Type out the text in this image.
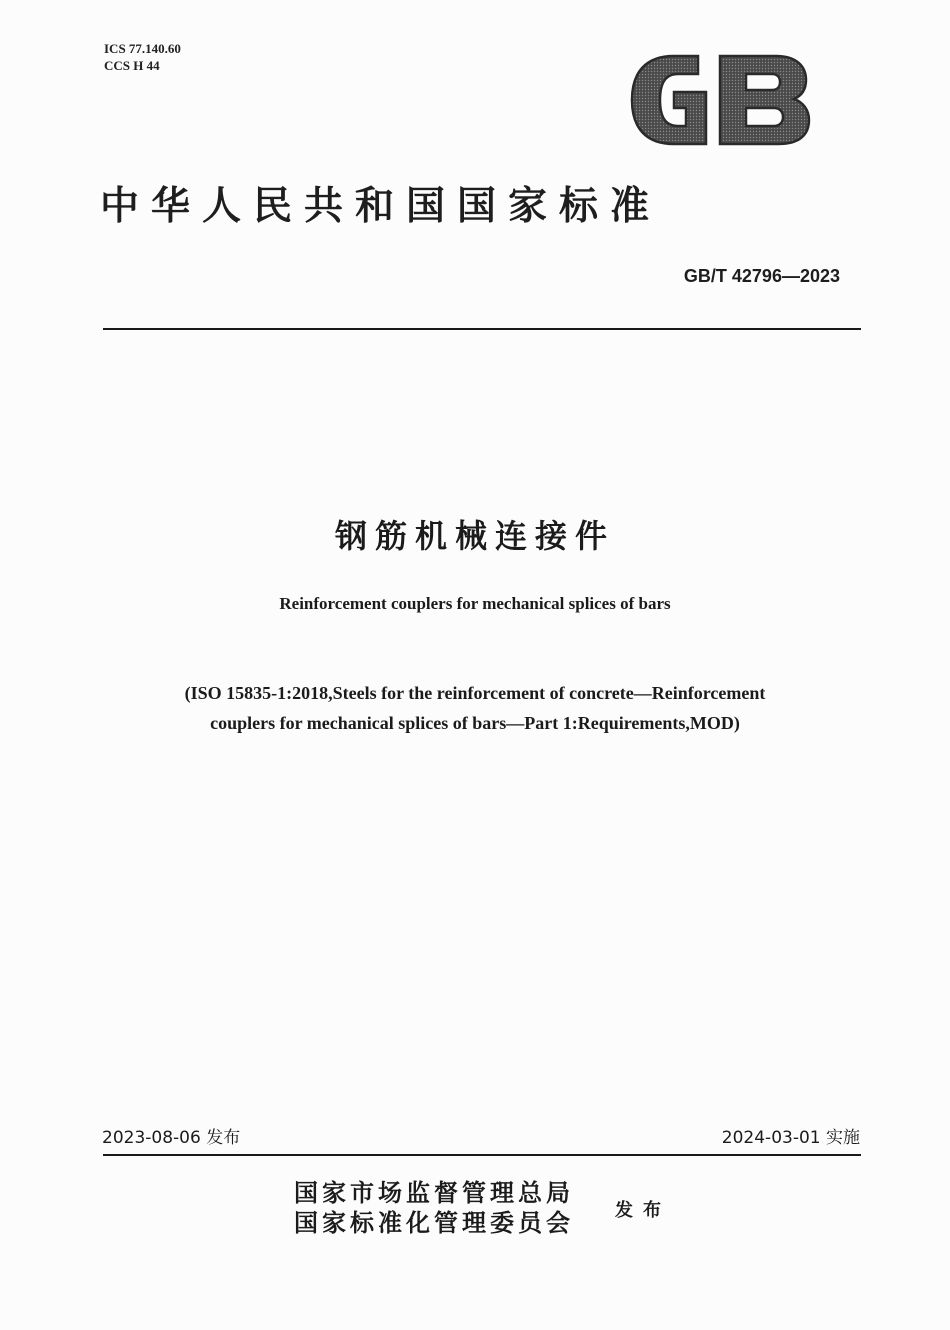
ICS 77.140.60
CCS H 44
中华人民共和国国家标准
GB/T 42796—2023
钢筋机械连接件
Reinforcement couplers for mechanical splices of bars
(ISO 15835-1:2018,Steels for the reinforcement of concrete—Reinforcement
couplers for mechanical splices of bars—Part 1:Requirements,MOD)
2023-08-06 发布	2024-03-01 实施
国家市场监督管理总局
国家标准化管理委员会 发布
